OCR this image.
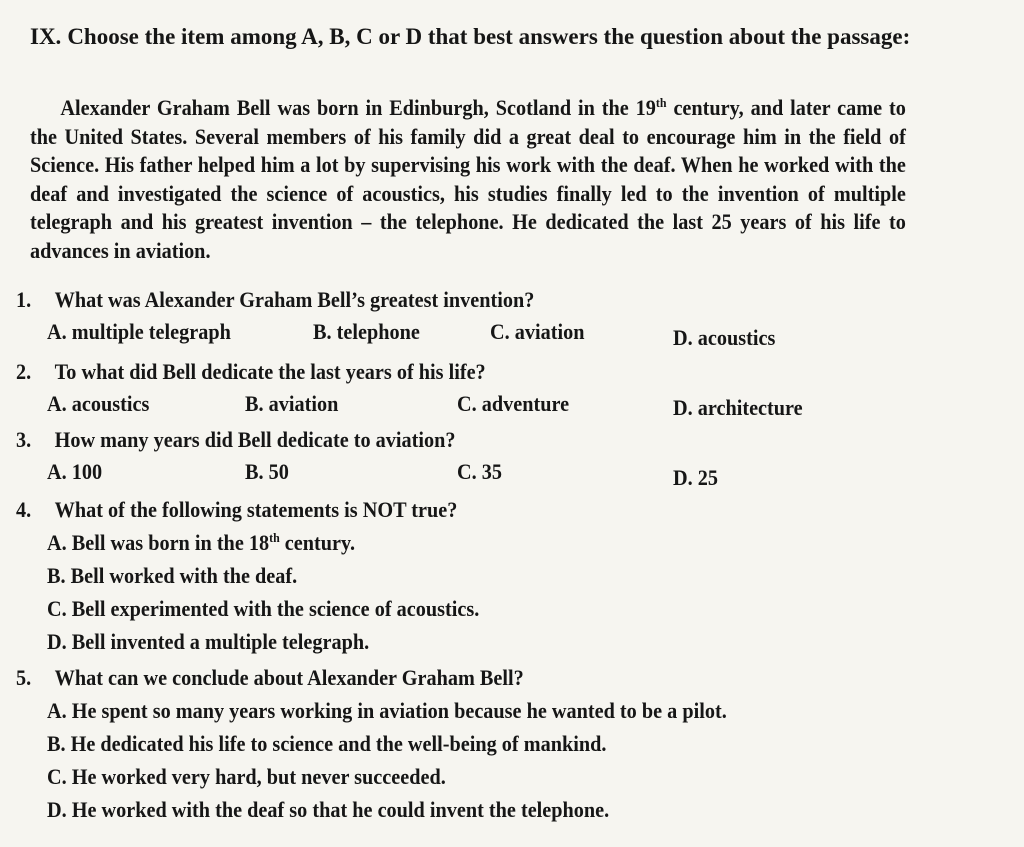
IX. Choose the item among A, B, C or D that best answers the question about the passage:
Alexander Graham Bell was born in Edinburgh, Scotland in the 19th century, and later came to the United States. Several members of his family did a great deal to encourage him in the field of Science. His father helped him a lot by supervising his work with the deaf. When he worked with the deaf and investigated the science of acoustics, his studies finally led to the invention of multiple telegraph and his greatest invention – the telephone. He dedicated the last 25 years of his life to advances in aviation.
1. What was Alexander Graham Bell’s greatest invention?
A. multiple telegraph	B. telephone	C. aviation	D. acoustics
2. To what did Bell dedicate the last years of his life?
A. acoustics	B. aviation	C. adventure	D. architecture
3. How many years did Bell dedicate to aviation?
A. 100	B. 50	C. 35	D. 25
4. What of the following statements is NOT true?
A. Bell was born in the 18th century.
B. Bell worked with the deaf.
C. Bell experimented with the science of acoustics.
D. Bell invented a multiple telegraph.
5. What can we conclude about Alexander Graham Bell?
A. He spent so many years working in aviation because he wanted to be a pilot.
B. He dedicated his life to science and the well-being of mankind.
C. He worked very hard, but never succeeded.
D. He worked with the deaf so that he could invent the telephone.
